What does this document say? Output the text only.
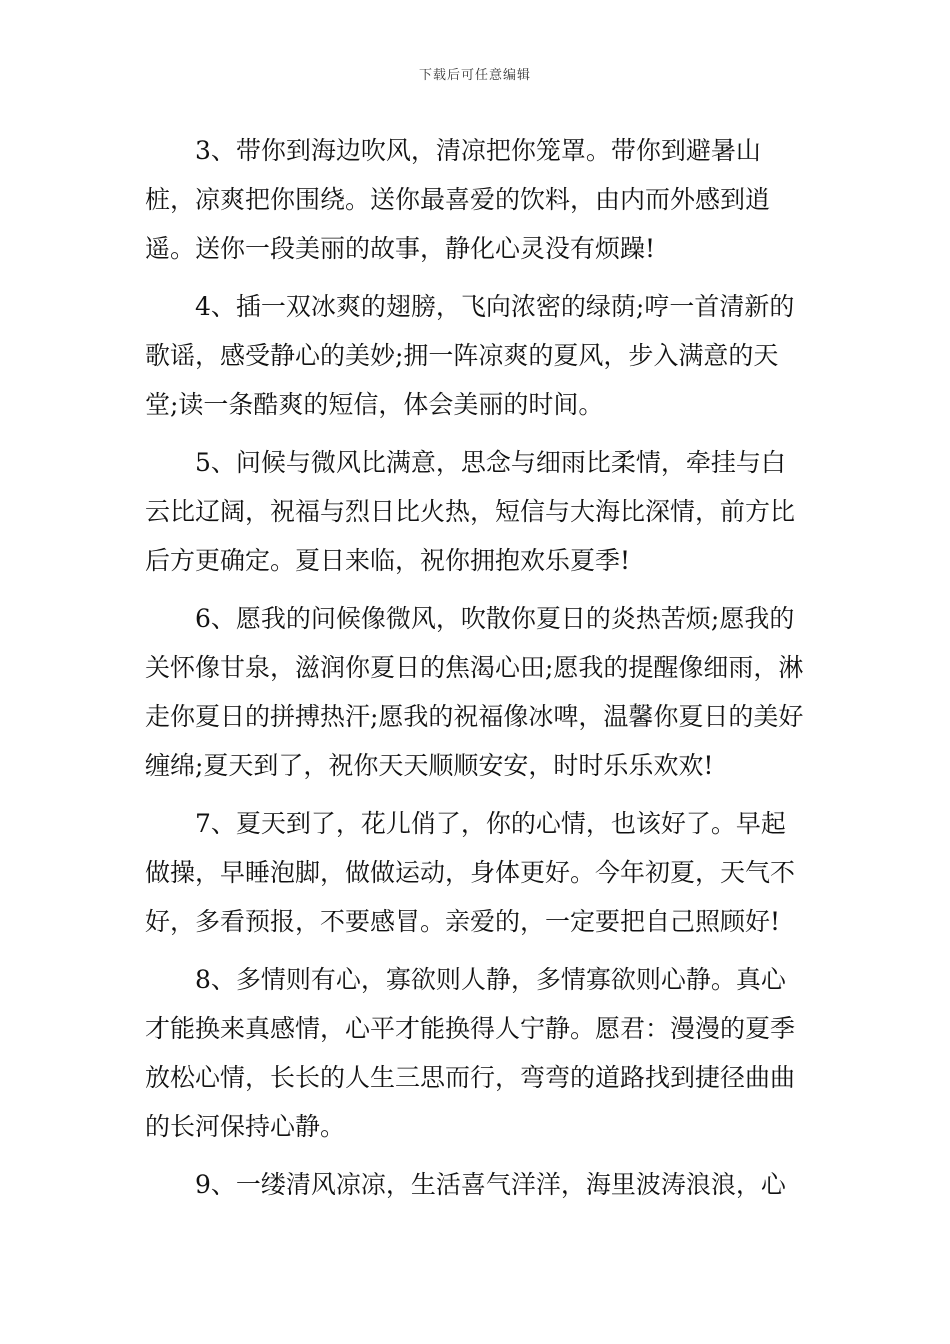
下载后可任意编辑

3、带你到海边吹风，清凉把你笼罩。带你到避暑山桩，凉爽把你围绕。送你最喜爱的饮料，由内而外感到逍遥。送你一段美丽的故事，静化心灵没有烦躁!

4、插一双冰爽的翅膀，飞向浓密的绿荫;哼一首清新的歌谣，感受静心的美妙;拥一阵凉爽的夏风，步入满意的天堂;读一条酷爽的短信，体会美丽的时间。

5、问候与微风比满意，思念与细雨比柔情，牵挂与白云比辽阔，祝福与烈日比火热，短信与大海比深情，前方比后方更确定。夏日来临，祝你拥抱欢乐夏季!

6、愿我的问候像微风，吹散你夏日的炎热苦烦;愿我的关怀像甘泉，滋润你夏日的焦渴心田;愿我的提醒像细雨，淋走你夏日的拼搏热汗;愿我的祝福像冰啤，温馨你夏日的美好缠绵;夏天到了，祝你天天顺顺安安，时时乐乐欢欢!

7、夏天到了，花儿俏了，你的心情，也该好了。早起做操，早睡泡脚，做做运动，身体更好。今年初夏，天气不好，多看预报，不要感冒。亲爱的，一定要把自己照顾好!

8、多情则有心，寡欲则人静，多情寡欲则心静。真心才能换来真感情，心平才能换得人宁静。愿君：漫漫的夏季放松心情，长长的人生三思而行，弯弯的道路找到捷径曲曲的长河保持心静。

9、一缕清风凉凉，生活喜气洋洋，海里波涛浪浪，心
